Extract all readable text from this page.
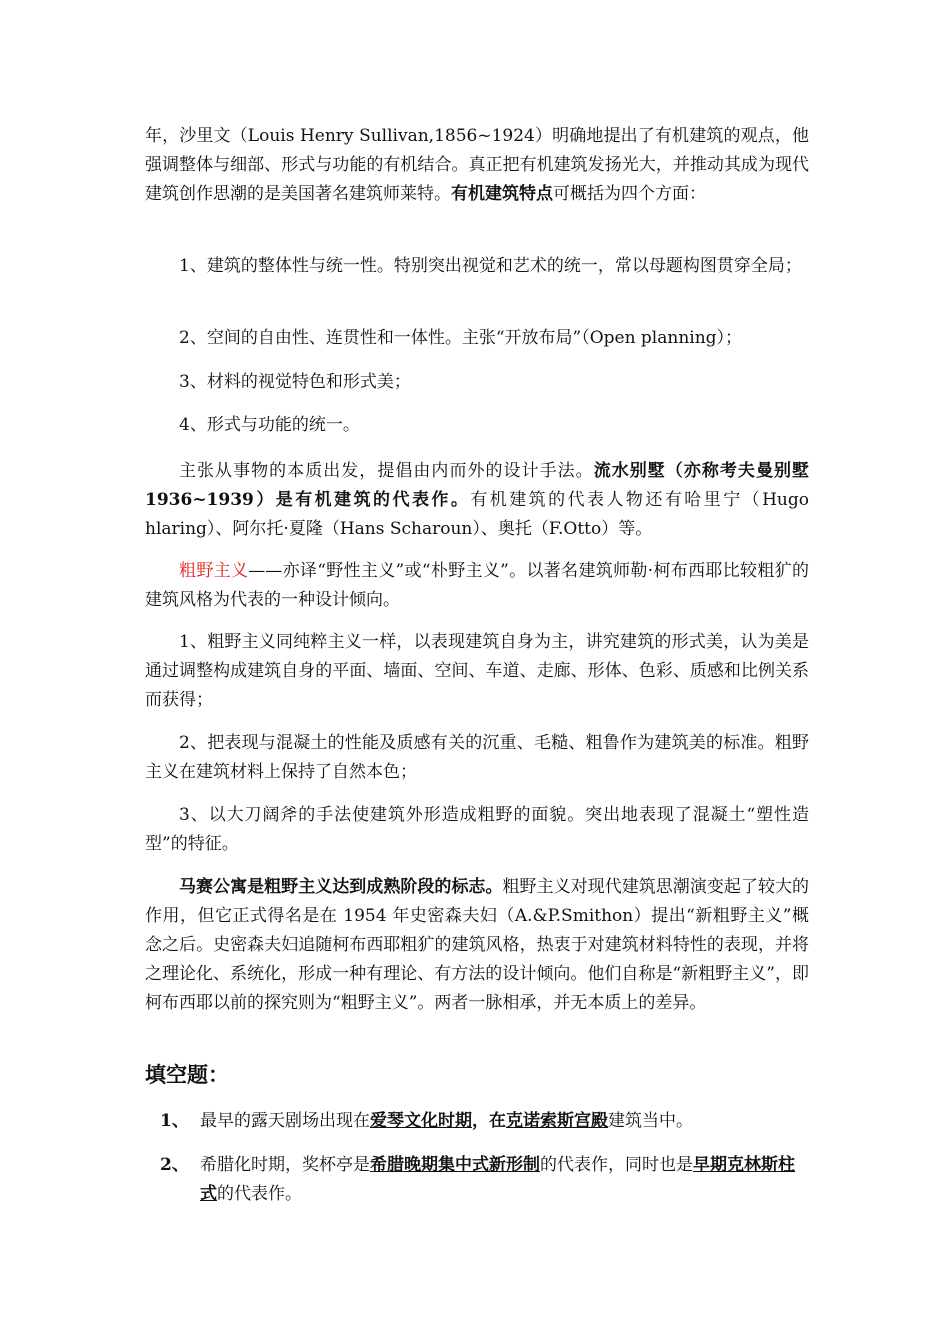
年，沙里文（Louis Henry Sullivan,1856~1924）明确地提出了有机建筑的观点，他强调整体与细部、形式与功能的有机结合。真正把有机建筑发扬光大，并推动其成为现代建筑创作思潮的是美国著名建筑师莱特。有机建筑特点可概括为四个方面：

1、建筑的整体性与统一性。特别突出视觉和艺术的统一，常以母题构图贯穿全局；

2、空间的自由性、连贯性和一体性。主张“开放布局”（Open planning）；

3、材料的视觉特色和形式美；

4、形式与功能的统一。

主张从事物的本质出发，提倡由内而外的设计手法。流水别墅（亦称考夫曼别墅 1936~1939）是有机建筑的代表作。有机建筑的代表人物还有哈里宁（Hugo hlaring）、阿尔托·夏隆（Hans Scharoun）、奥托（F.Otto）等。

粗野主义——亦译“野性主义”或“朴野主义”。以著名建筑师勒·柯布西耶比较粗犷的建筑风格为代表的一种设计倾向。

1、粗野主义同纯粹主义一样，以表现建筑自身为主，讲究建筑的形式美，认为美是通过调整构成建筑自身的平面、墙面、空间、车道、走廊、形体、色彩、质感和比例关系而获得；

2、把表现与混凝土的性能及质感有关的沉重、毛糙、粗鲁作为建筑美的标准。粗野主义在建筑材料上保持了自然本色；

3、以大刀阔斧的手法使建筑外形造成粗野的面貌。突出地表现了混凝土“塑性造型”的特征。

马赛公寓是粗野主义达到成熟阶段的标志。粗野主义对现代建筑思潮演变起了较大的作用，但它正式得名是在 1954 年史密森夫妇（A.&P.Smithon）提出“新粗野主义”概念之后。史密森夫妇追随柯布西耶粗犷的建筑风格，热衷于对建筑材料特性的表现，并将之理论化、系统化，形成一种有理论、有方法的设计倾向。他们自称是“新粗野主义”，即柯布西耶以前的探究则为“粗野主义”。两者一脉相承，并无本质上的差异。

填空题：
1、 最早的露天剧场出现在爱琴文化时期，在克诺索斯宫殿建筑当中。
2、 希腊化时期，奖杯亭是希腊晚期集中式新形制的代表作，同时也是早期克林斯柱式的代表作。
